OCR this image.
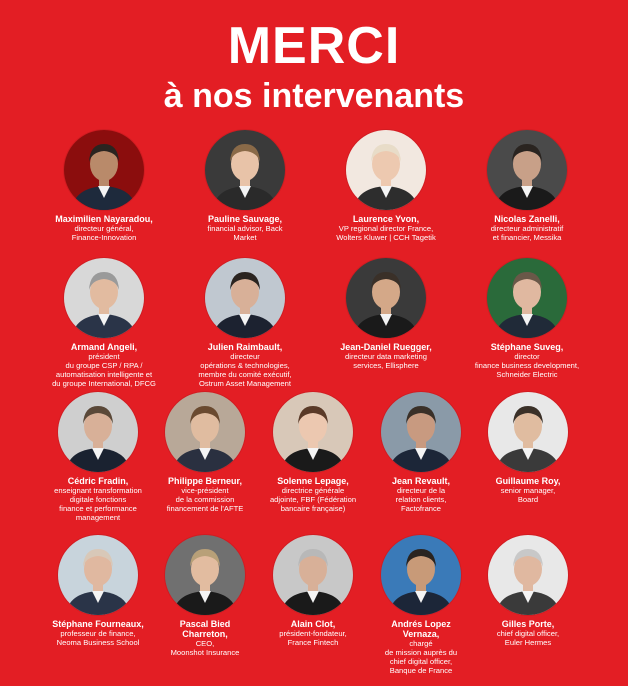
MERCI
à nos intervenants
Maximilien Nayaradou,
directeur général,
Finance-Innovation
Pauline Sauvage,
financial advisor, Back
Market
Laurence Yvon,
VP regional director France,
Wolters Kluwer | CCH Tagetik
Nicolas Zanelli,
directeur administratif
et financier, Messika
Armand Angeli,
président
du groupe CSP / RPA /
automatisation intelligente et
du groupe International, DFCG
Julien Raimbault,
directeur
opérations & technologies,
membre du comité exécutif,
Ostrum Asset Management
Jean-Daniel Ruegger,
directeur data marketing
services, Ellisphere
Stéphane Suveg,
director
finance business development,
Schneider Electric
Cédric Fradin,
enseignant transformation
digitale fonctions
finance et performance
management
Philippe Berneur,
vice-président
de la commission
financement de l'AFTE
Solenne Lepage,
directrice générale
adjointe, FBF (Fédération
bancaire française)
Jean Revault,
directeur de la
relation clients,
Factofrance
Guillaume Roy,
senior manager,
Board
Stéphane Fourneaux,
professeur de finance,
Neoma Business School
Pascal Bied
Charreton,
CEO,
Moonshot Insurance
Alain Clot,
président-fondateur,
France Fintech
Andrés Lopez
Vernaza,
chargé
de mission auprès du
chief digital officer,
Banque de France
Gilles Porte,
chief digital officer,
Euler Hermes
